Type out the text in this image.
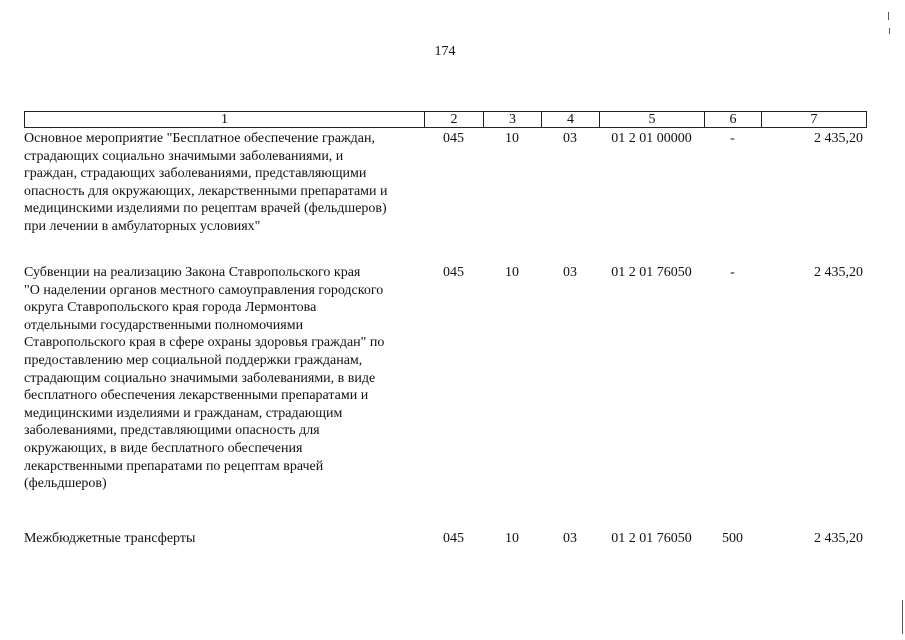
174
1	2	3	4	5	6	7
Основное мероприятие "Бесплатное обеспечение граждан,
страдающих социально значимыми заболеваниями, и
граждан, страдающих заболеваниями, представляющими
опасность для окружающих, лекарственными препаратами и
медицинскими изделиями по рецептам врачей (фельдшеров)
при лечении в амбулаторных условиях"
045	10	03	01 2 01 00000	-	2 435,20
Субвенции на реализацию Закона Ставропольского края
"О наделении органов местного самоуправления городского
округа Ставропольского края города Лермонтова
отдельными государственными полномочиями
Ставропольского края в сфере охраны здоровья граждан" по
предоставлению мер социальной поддержки гражданам,
страдающим социально значимыми заболеваниями, в виде
бесплатного обеспечения лекарственными препаратами и
медицинскими изделиями и гражданам, страдающим
заболеваниями, представляющими опасность для
окружающих, в виде бесплатного обеспечения
лекарственными препаратами по рецептам врачей
(фельдшеров)
045	10	03	01 2 01 76050	-	2 435,20
Межбюджетные трансферты	045	10	03	01 2 01 76050	500	2 435,20
